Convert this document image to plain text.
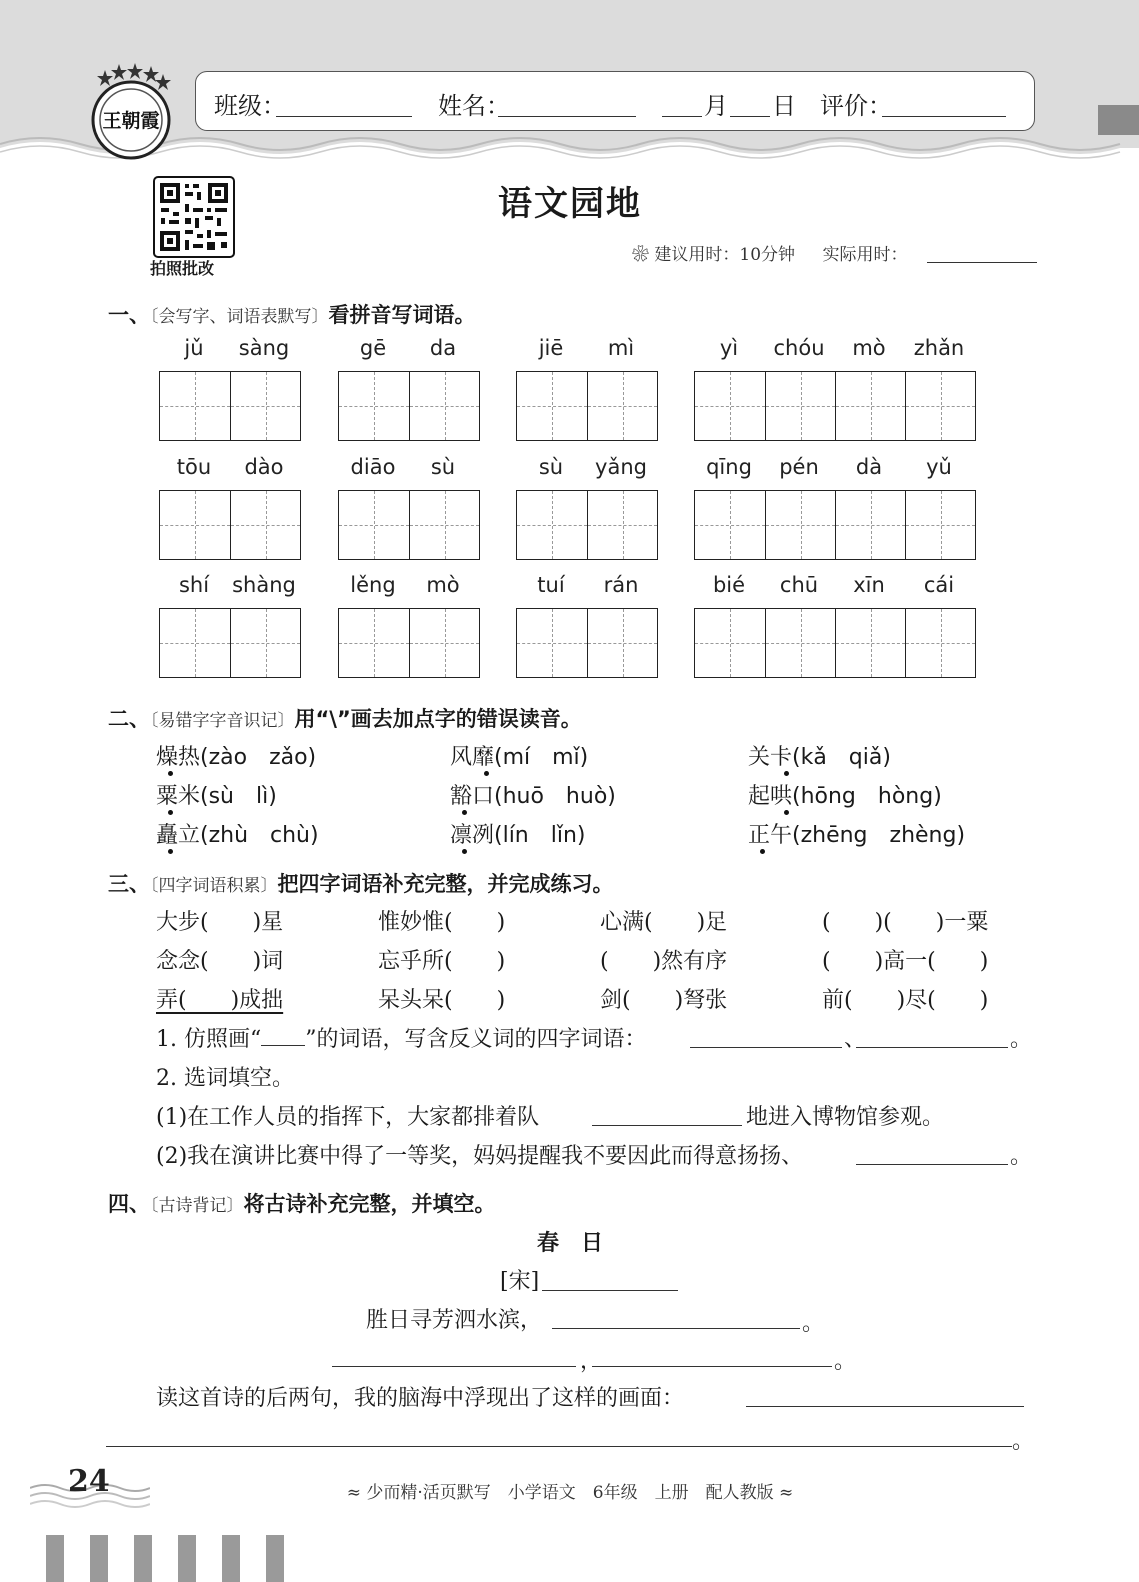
王朝霞
班级：	姓名：	月 日 评价：
拍照批改
语文园地
❀ 建议用时：10分钟 实际用时：
一、〔会写字、词语表默写〕看拼音写词语。
jǔ	sàng	gē	da	jiē	mì	yì	chóu	mò	zhǎn
tōu	dào	diāo	sù	sù	yǎng	qīng	pén	dà	yǔ
shí	shàng	lěng	mò	tuí	rán	bié	chū	xīn	cái
二、〔易错字字音识记〕用“\”画去加点字的错误读音。
燥热(zào　zǎo)	风靡(mí　mǐ)	关卡(kǎ　qiǎ)
粟米(sù　lì)	豁口(huō　huò)	起哄(hōng　hòng)
矗立(zhù　chù)	凛冽(lín　lǐn)	正午(zhēng　zhèng)
三、〔四字词语积累〕把四字词语补充完整，并完成练习。
大步(　　)星	惟妙惟(　　)	心满(　　)足	(　　)(　　)一粟
念念(　　)词	忘乎所(　　)	(　　)然有序	(　　)高一(　　)
弄(　　)成拙	呆头呆(　　)	剑(　　)弩张	前(　　)尽(　　)
1. 仿照画“ ”的词语，写含反义词的四字词语：	、	。
2. 选词填空。
(1)在工作人员的指挥下，大家都排着队	地进入博物馆参观。
(2)我在演讲比赛中得了一等奖，妈妈提醒我不要因此而得意扬扬、	。
四、〔古诗背记〕将古诗补充完整，并填空。
春　日
[宋]
胜日寻芳泗水滨，	。
，	。
读这首诗的后两句，我的脑海中浮现出了这样的画面：
。
24	≈ 少而精·活页默写　小学语文　6年级　上册　配人教版 ≈
